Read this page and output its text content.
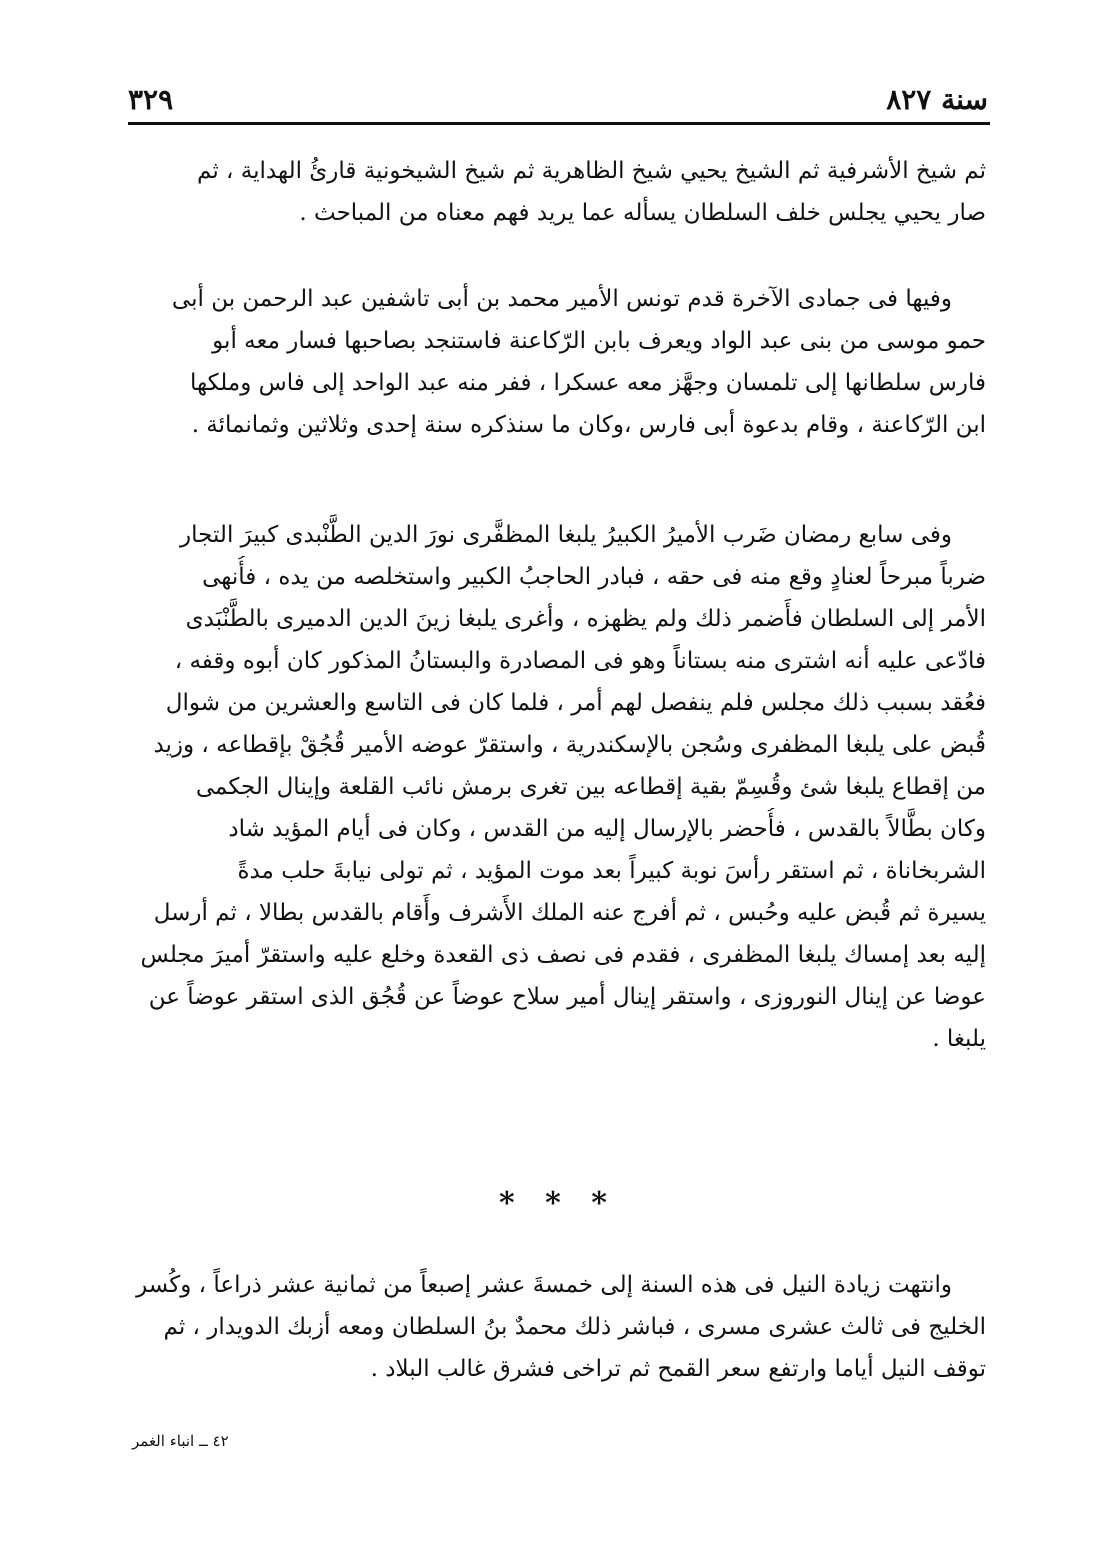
سنة ٨٢٧
٣٢٩

ثم شيخ الأشرفية ثم الشيخ يحيي شيخ الظاهرية ثم شيخ الشيخونية قارئُ الهداية ، ثم
صار يحيي يجلس خلف السلطان يسأله عما يريد فهم معناه من المباحث .

وفيها فى جمادى الآخرة قدم تونس الأمير محمد بن أبى تاشفين عبد الرحمن بن أبى
حمو موسى من بنى عبد الواد ويعرف بابن الرّكاعنة فاستنجد بصاحبها فسار معه أبو
فارس سلطانها إلى تلمسان وجهَّز معه عسكرا ، ففر منه عبد الواحد إلى فاس وملكها
ابن الرّكاعنة ، وقام بدعوة أبى فارس ،وكان ما سنذكره سنة إحدى وثلاثين وثمانمائة .

وفى سابع رمضان ضَرب الأميرُ الكبيرُ يلبغا المظفَّرى نورَ الدين الطَّنْبدى كبيرَ التجار
ضرباً مبرحاً لعنادٍ وقع منه فى حقه ، فبادر الحاجبُ الكبير واستخلصه من يده ، فأُنهى
الأمر إلى السلطان فأَضمر ذلك ولم يظهزه ، وأغرى يلبغا زينَ الدين الدميرى بالطَّنْبَدى
فادّعى عليه أنه اشترى منه بستاناً وهو فى المصادرة والبستانُ المذكور كان أبوه وقفه ،
فعُقد بسبب ذلك مجلس فلم ينفصل لهم أمر ، فلما كان فى التاسع والعشرين من شوال
قُبض على يلبغا المظفرى وسُجن بالإسكندرية ، واستقرّ عوضه الأمير قُجُقْ بإقطاعه ، وزيد
من إقطاع يلبغا شئ وقُسِمّ بقية إقطاعه بين تغرى برمش نائب القلعة وإينال الجكمى
وكان بطَّالاً بالقدس ، فأُحضر بالإرسال إليه من القدس ، وكان فى أيام المؤيد شاد
الشربخاناة ، ثم استقر رأسَ نوبة كبيراً بعد موت المؤيد ، ثم تولى نيابةَ حلب مدةً
يسيرة ثم قُبض عليه وحُبس ، ثم أفرج عنه الملك الأَشرف وأَقام بالقدس بطالا ، ثم أرسل
إليه بعد إمساك يلبغا المظفرى ، فقدم فى نصف ذى القعدة وخلع عليه واستقرّ أميرَ مجلس
عوضا عن إينال النوروزى ، واستقر إينال أمير سلاح عوضاً عن قُجُق الذى استقر عوضاً عن
يلبغا .

* * *

وانتهت زيادة النيل فى هذه السنة إلى خمسةَ عشر إصبعاً من ثمانية عشر ذراعاً ، وكُسر
الخليج فى ثالث عشرى مسرى ، فباشر ذلك محمدٌ بنُ السلطان ومعه أزبك الدويدار ، ثم
توقف النيل أياما وارتفع سعر القمح ثم تراخى فشرق غالب البلاد .

٤٢ ــ انباء الغمر
